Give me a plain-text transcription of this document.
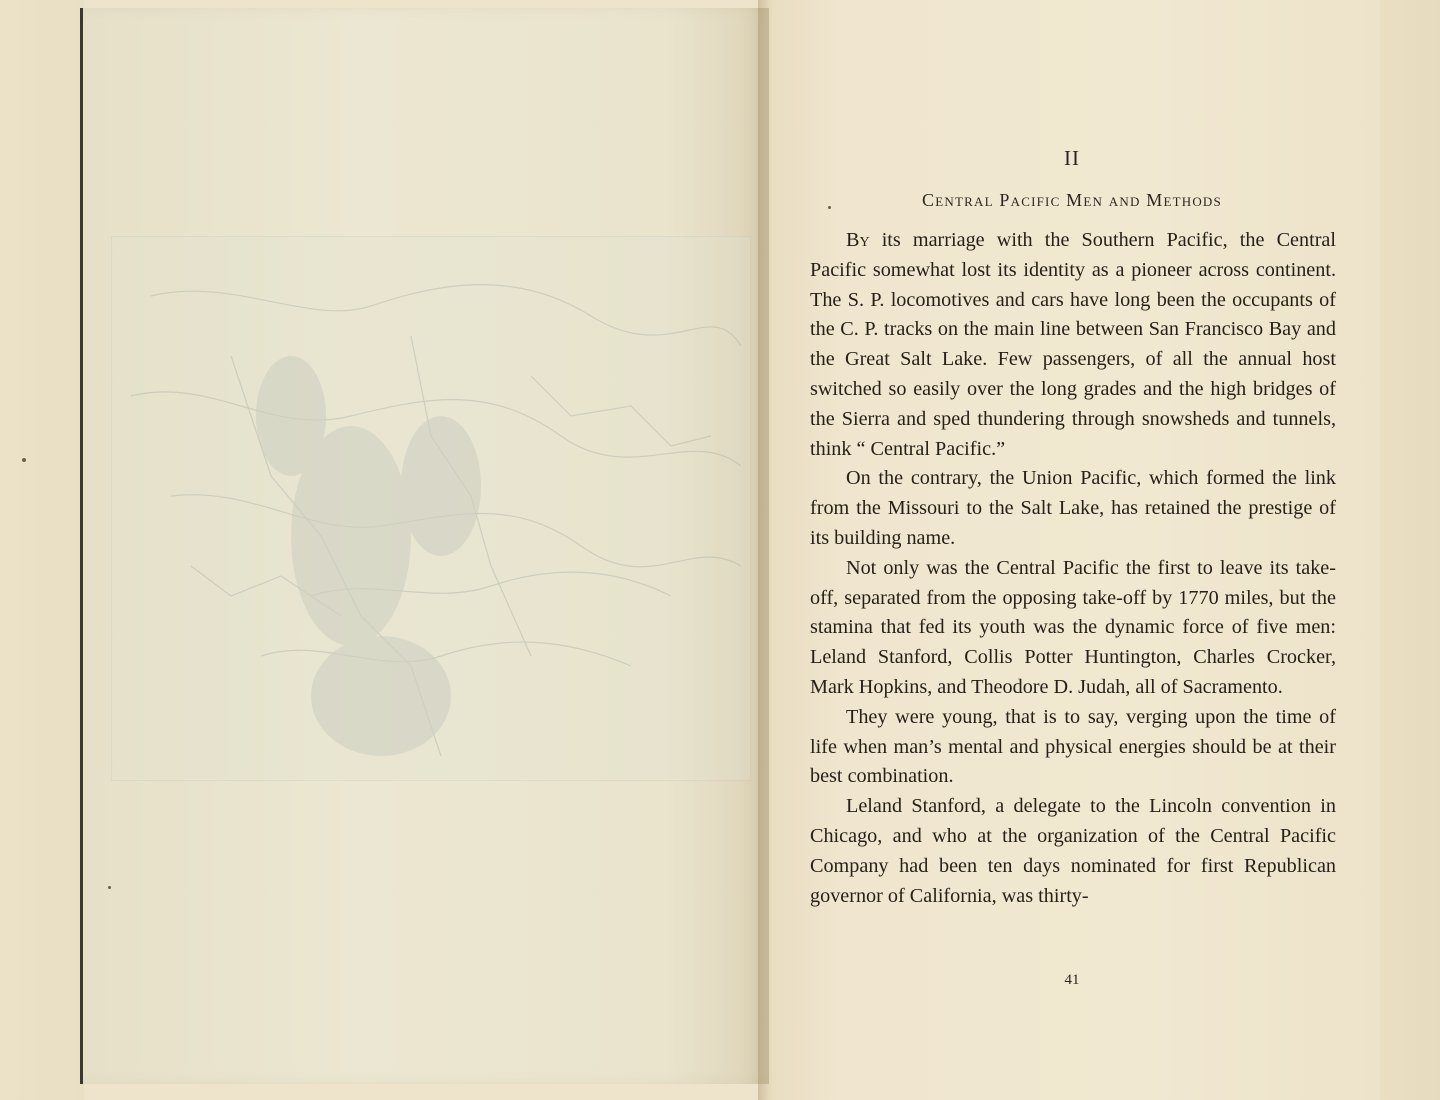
II
Central Pacific Men and Methods

By its marriage with the Southern Pacific, the Central Pacific somewhat lost its identity as a pioneer across continent. The S. P. locomotives and cars have long been the occupants of the C. P. tracks on the main line between San Francisco Bay and the Great Salt Lake. Few passengers, of all the annual host switched so easily over the long grades and the high bridges of the Sierra and sped thundering through snowsheds and tunnels, think “ Central Pacific.”

On the contrary, the Union Pacific, which formed the link from the Missouri to the Salt Lake, has retained the prestige of its building name.

Not only was the Central Pacific the first to leave its take-off, separated from the opposing take-off by 1770 miles, but the stamina that fed its youth was the dynamic force of five men: Leland Stanford, Collis Potter Huntington, Charles Crocker, Mark Hopkins, and Theodore D. Judah, all of Sacramento.

They were young, that is to say, verging upon the time of life when man’s mental and physical energies should be at their best combination.

Leland Stanford, a delegate to the Lincoln convention in Chicago, and who at the organization of the Central Pacific Company had been ten days nominated for first Republican governor of California, was thirty-

41
